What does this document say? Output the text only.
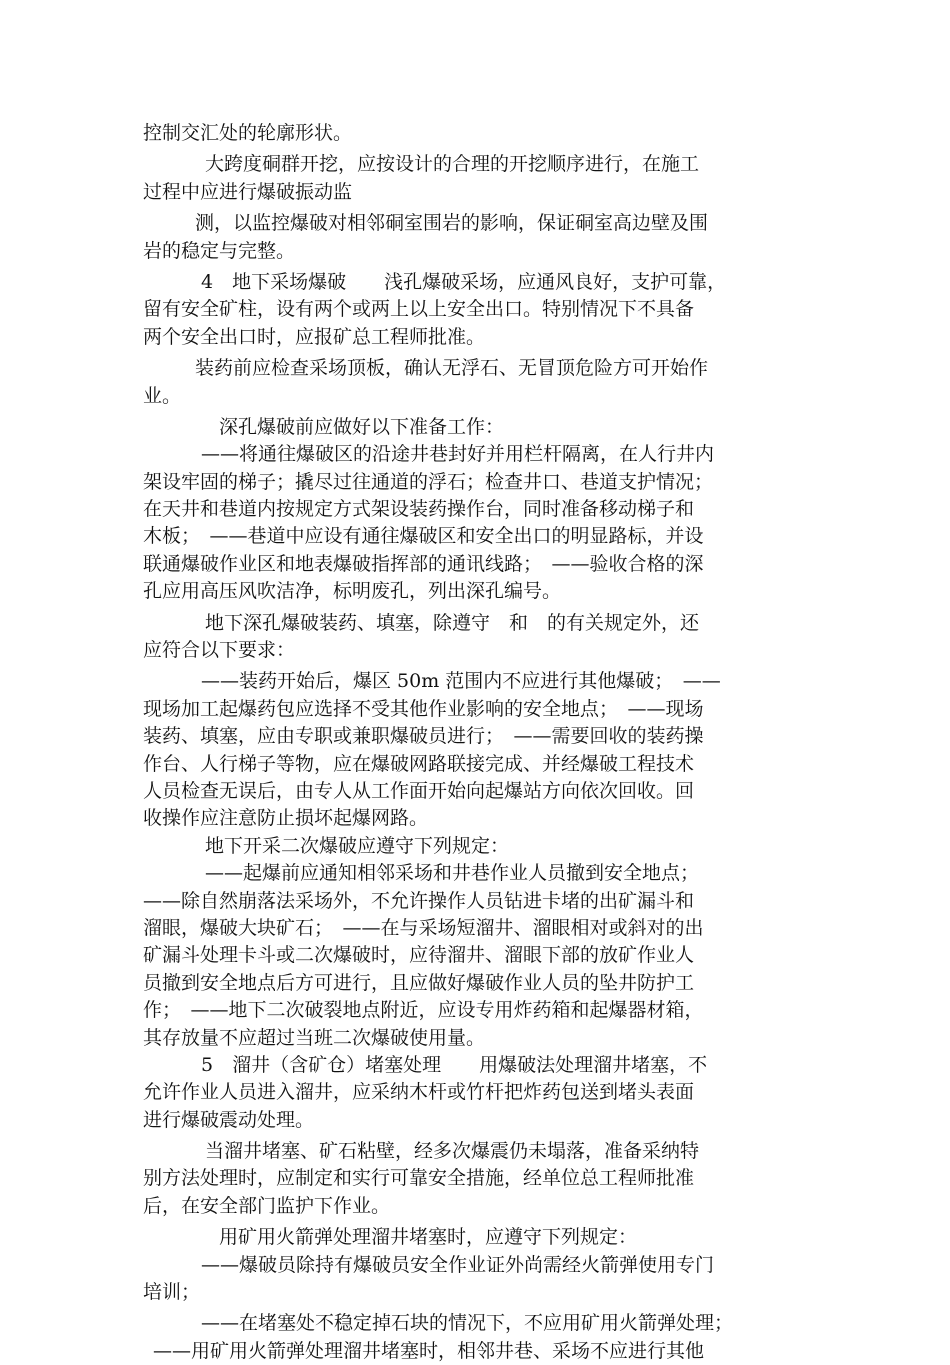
控制交汇处的轮廓形状。
大跨度硐群开挖，应按设计的合理的开挖顺序进行，在施工
过程中应进行爆破振动监
测，以监控爆破对相邻硐室围岩的影响，保证硐室高边壁及围
岩的稳定与完整。
4　地下采场爆破　　浅孔爆破采场，应通风良好，支护可靠，
留有安全矿柱，设有两个或两上以上安全出口。特别情况下不具备
两个安全出口时，应报矿总工程师批准。
装药前应检查采场顶板，确认无浮石、无冒顶危险方可开始作
业。
深孔爆破前应做好以下准备工作：
——将通往爆破区的沿途井巷封好并用栏杆隔离，在人行井内
架设牢固的梯子；撬尽过往通道的浮石；检查井口、巷道支护情况；
在天井和巷道内按规定方式架设装药操作台，同时准备移动梯子和
木板；　——巷道中应设有通往爆破区和安全出口的明显路标，并设
联通爆破作业区和地表爆破指挥部的通讯线路；　——验收合格的深
孔应用高压风吹洁净，标明废孔，列出深孔编号。
地下深孔爆破装药、填塞，除遵守　和　的有关规定外，还
应符合以下要求：
——装药开始后，爆区 50m 范围内不应进行其他爆破；　——
现场加工起爆药包应选择不受其他作业影响的安全地点；　——现场
装药、填塞，应由专职或兼职爆破员进行；　——需要回收的装药操
作台、人行梯子等物，应在爆破网路联接完成、并经爆破工程技术
人员检查无误后，由专人从工作面开始向起爆站方向依次回收。回
收操作应注意防止损坏起爆网路。
地下开采二次爆破应遵守下列规定：
——起爆前应通知相邻采场和井巷作业人员撤到安全地点；
——除自然崩落法采场外，不允许操作人员钻进卡堵的出矿漏斗和
溜眼，爆破大块矿石；　——在与采场短溜井、溜眼相对或斜对的出
矿漏斗处理卡斗或二次爆破时，应待溜井、溜眼下部的放矿作业人
员撤到安全地点后方可进行，且应做好爆破作业人员的坠井防护工
作；　——地下二次破裂地点附近，应设专用炸药箱和起爆器材箱，
其存放量不应超过当班二次爆破使用量。
5　溜井（含矿仓）堵塞处理　　用爆破法处理溜井堵塞，不
允许作业人员进入溜井，应采纳木杆或竹杆把炸药包送到堵头表面
进行爆破震动处理。
当溜井堵塞、矿石粘壁，经多次爆震仍未塌落，准备采纳特
别方法处理时，应制定和实行可靠安全措施，经单位总工程师批准
后，在安全部门监护下作业。
用矿用火箭弹处理溜井堵塞时，应遵守下列规定：
——爆破员除持有爆破员安全作业证外尚需经火箭弹使用专门
培训；
——在堵塞处不稳定掉石块的情况下，不应用矿用火箭弹处理；
——用矿用火箭弹处理溜井堵塞时，相邻井巷、采场不应进行其他
